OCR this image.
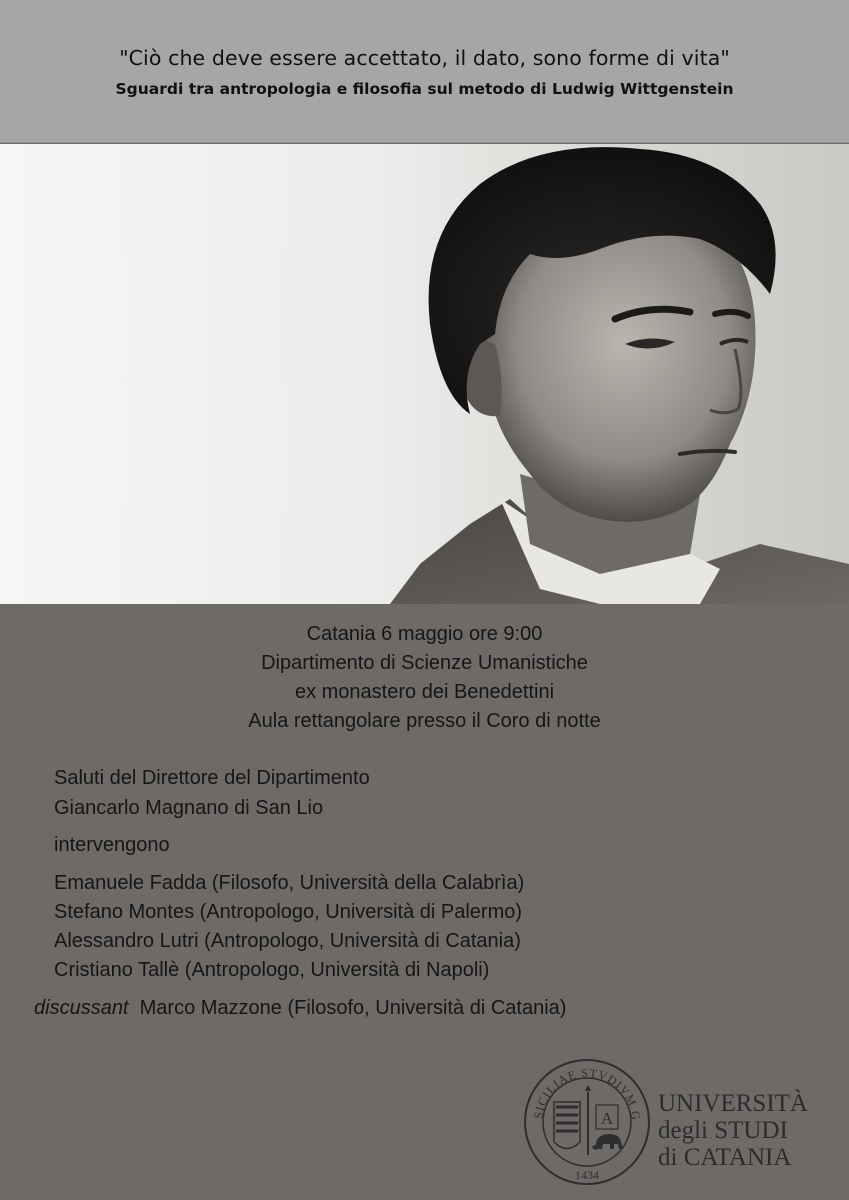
"Ciò che deve essere accettato, il dato, sono forme di vita"
Sguardi tra antropologia e filosofia sul metodo di Ludwig Wittgenstein
Catania 6 maggio ore 9:00
Dipartimento di Scienze Umanistiche
ex monastero dei Benedettini
Aula rettangolare presso il Coro di notte
Saluti del Direttore del Dipartimento
Giancarlo Magnano di San Lio
intervengono
Emanuele Fadda (Filosofo, Università della Calabrìa)
Stefano Montes (Antropologo, Università di Palermo)
Alessandro Lutri (Antropologo, Università di Catania)
Cristiano Tallè (Antropologo, Università di Napoli)
discussant Marco Mazzone (Filosofo, Università di Catania)
SICILIAE STVDIVM G
1434
A
UNIVERSITÀ
degli STUDI
di CATANIA
